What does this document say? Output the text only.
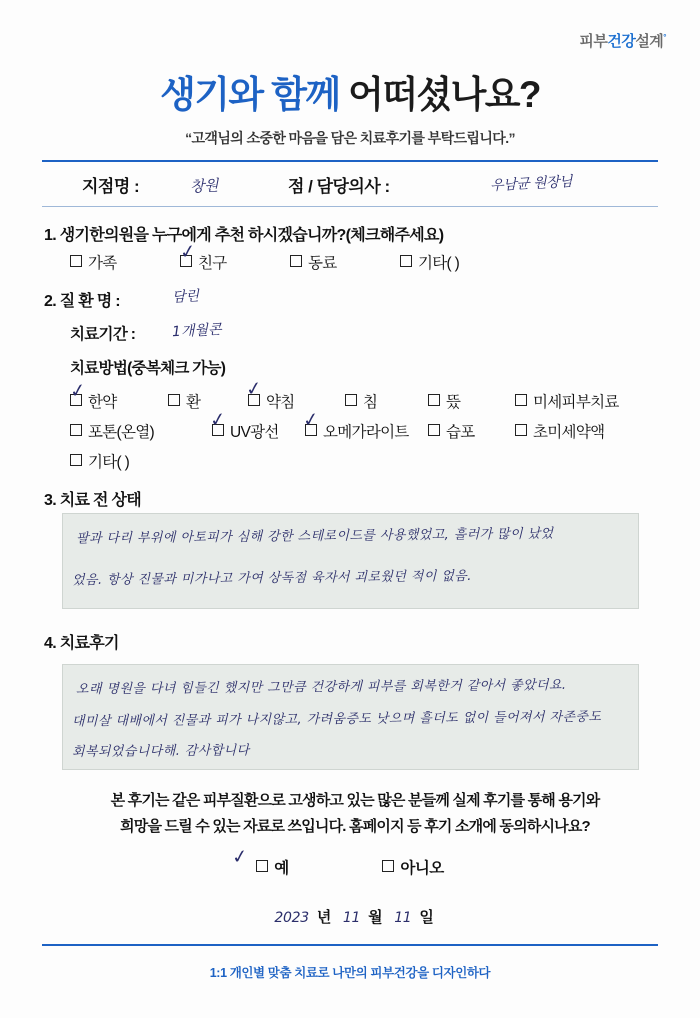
피부건강설계°
생기와 함께 어떠셨나요?
“고객님의 소중한 마음을 담은 치료후기를 부탁드립니다.”
지점명 :	창원	점 / 담당의사 :	우남균 원장님
1. 생기한의원을 누구에게 추천 하시겠습니까?(체크해주세요)
가족	친구
✓	동료	기타( )
2. 질 환 명 :	담린
치료기간 :	1개월콘
치료방법(중복체크 가능)
한약
✓	환	약침
✓
침	뜼	미세피부치료
포톤(온열)	UV광선
✓
오메가라이트
✓
습포	초미세약액
기타( )
3. 치료 전 상태
팔과 다리 부위에 아토피가 심해 강한 스테로이드를 사용했었고, 흘러가 많이 났었
었음. 항상 진물과 미가나고 가여 상독점 육자서 괴로웠던 적이 없음.
4. 치료후기
오래 명원을 다녀 힘들긴 했지만 그만큼 건강하게 피부를 회복한거 같아서 좋았더요.
대미살 대배에서 진물과 피가 나지않고, 가려움증도 낫으며 흘더도 없이 들어져서 자존중도
회복되었습니다해. 감사합니다
본 후기는 같은 피부질환으로 고생하고 있는 많은 분들께 실제 후기를 통해 용기와
희망을 드릴 수 있는 자료로 쓰입니다. 홈페이지 등 후기 소개에 동의하시나요?
예	아니오
✓
2023 년 11 월 11 일
1:1 개인별 맞춤 치료로 나만의 피부건강을 디자인하다
